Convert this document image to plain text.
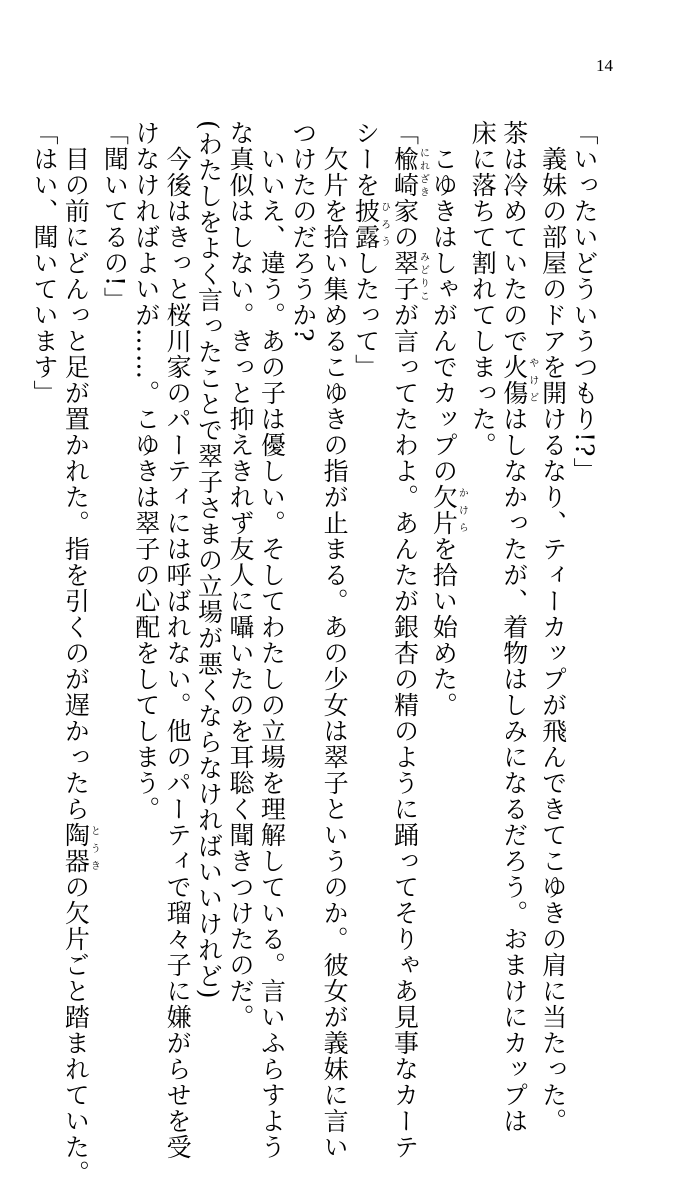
14
「いったいどういうつもり!?」
　義妹の部屋のドアを開けるなり、ティーカップが飛んできてこゆきの肩に当たった。
茶は冷めていたので火傷やけどはしなかったが、着物はしみになるだろう。おまけにカップは
床に落ちて割れてしまった。
　こゆきはしゃがんでカップの欠片かけらを拾い始めた。
「楡崎にれざき家の翠子みどりこが言ってたわよ。あんたが銀杏の精のように踊ってそりゃあ見事なカーテ
シーを披露ひろうしたって」
　欠片を拾い集めるこゆきの指が止まる。あの少女は翠子というのか。彼女が義妹に言い
つけたのだろうか?
　いいえ、違う。あの子は優しい。そしてわたしの立場を理解している。言いふらすよう
な真似はしない。きっと抑えきれず友人に囁いたのを耳聡く聞きつけたのだ。
(わたしをよく言ったことで翠子さまの立場が悪くならなければいいけれど)
　今後はきっと桜川家のパーティには呼ばれない。他のパーティで瑠々子に嫌がらせを受
けなければよいが……。こゆきは翠子の心配をしてしまう。
「聞いてるの!」
　目の前にどんっと足が置かれた。指を引くのが遅かったら陶器とうきの欠片ごと踏まれていた。
「はい、聞いています」
